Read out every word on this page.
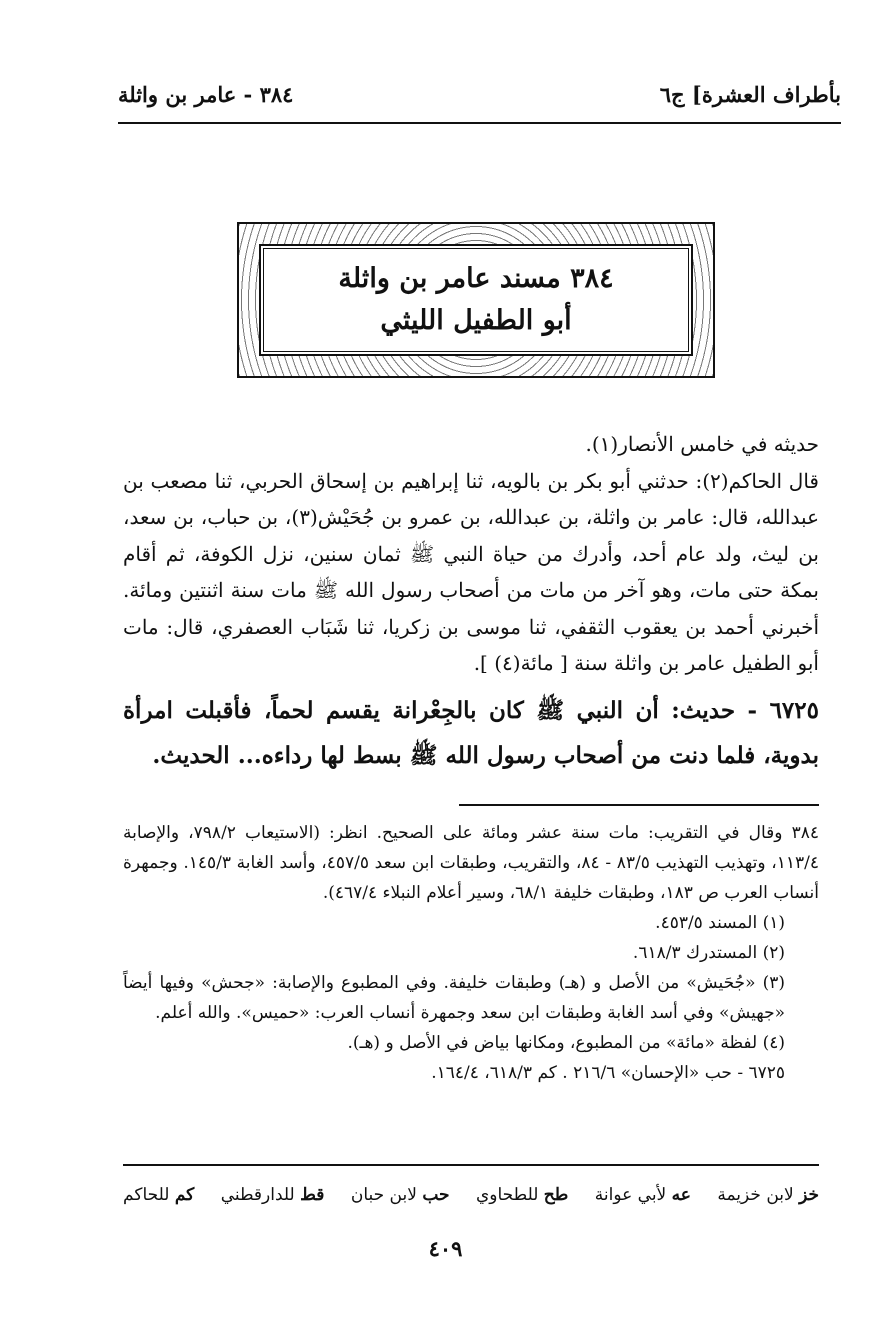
بأطراف العشرة] ج٦
٣٨٤ - عامر بن واثلة
٣٨٤ مسند عامر بن واثلة
أبو الطفيل الليثي

حديثه في خامس الأنصار(١).

قال الحاكم(٢): حدثني أبو بكر بن بالويه، ثنا إبراهيم بن إسحاق الحربي، ثنا مصعب بن عبدالله، قال: عامر بن واثلة، بن عبدالله، بن عمرو بن جُحَيْش(٣)، بن حباب، بن سعد، بن ليث، ولد عام أحد، وأدرك من حياة النبي ﷺ ثمان سنين، نزل الكوفة، ثم أقام بمكة حتى مات، وهو آخر من مات من أصحاب رسول الله ﷺ مات سنة اثنتين ومائة. أخبرني أحمد بن يعقوب الثقفي، ثنا موسى بن زكريا، ثنا شَبَاب العصفري، قال: مات أبو الطفيل عامر بن واثلة سنة [ مائة(٤) ].

٦٧٢٥ - حديث: أن النبي ﷺ كان بالجِعْرانة يقسم لحماً، فأقبلت امرأة بدوية، فلما دنت من أصحاب رسول الله ﷺ بسط لها رداءه... الحديث.

٣٨٤ وقال في التقريب: مات سنة عشر ومائة على الصحيح. انظر: (الاستيعاب ٧٩٨/٢، والإصابة ١١٣/٤، وتهذيب التهذيب ٨٣/٥ - ٨٤، والتقريب، وطبقات ابن سعد ٤٥٧/٥، وأسد الغابة ١٤٥/٣. وجمهرة أنساب العرب ص ١٨٣، وطبقات خليفة ٦٨/١، وسير أعلام النبلاء ٤٦٧/٤).

(١) المسند ٤٥٣/٥.

(٢) المستدرك ٦١٨/٣.

(٣) «جُحَيش» من الأصل و (هـ) وطبقات خليفة. وفي المطبوع والإصابة: «جحش» وفيها أيضاً «جهيش» وفي أسد الغابة وطبقات ابن سعد وجمهرة أنساب العرب: «حميس». والله أعلم.

(٤) لفظة «مائة» من المطبوع، ومكانها بياض في الأصل و (هـ).

٦٧٢٥ - حب «الإحسان» ٢١٦/٦ . كم ٦١٨/٣، ١٦٤/٤.

خز لابن خزيمة
عه لأبي عوانة
طح للطحاوي
حب لابن حبان
قط للدارقطني
كم للحاكم
٤٠٩
